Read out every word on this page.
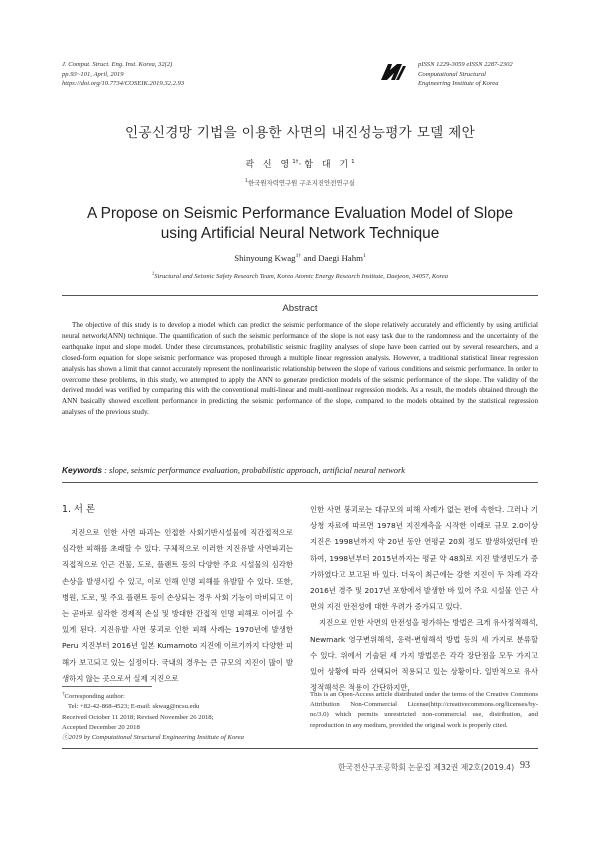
J. Comput. Struct. Eng. Inst. Korea, 32(2)
pp.93~101, April, 2019
https://doi.org/10.7734/COSEIK.2019.32.2.93
pISSN 1229-3059 eISSN 2287-2302
Computational Structural
Engineering Institute of Korea
인공신경망 기법을 이용한 사면의 내진성능평가 모델 제안
곽 신 영$^{1\dagger}$·함 대 기$^1$
$^1$한국원자력연구원 구조지진안전연구실
A Propose on Seismic Performance Evaluation Model of Slope
using Artificial Neural Network Technique
Shinyoung Kwag$^{1\dagger}$ and Daegi Hahm$^1$
$^1$Structural and Seismic Safety Research Team, Korea Atomic Energy Research Institute, Daejeon, 34057, Korea
Abstract
The objective of this study is to develop a model which can predict the seismic performance of the slope relatively accurately and efficiently by using artificial neural network(ANN) technique. The quantification of such the seismic performance of the slope is not easy task due to the randomness and the uncertainty of the earthquake input and slope model. Under these circumstances, probabilistic seismic fragility analyses of slope have been carried out by several researchers, and a closed-form equation for slope seismic performance was proposed through a multiple linear regression analysis. However, a traditional statistical linear regression analysis has shown a limit that cannot accurately represent the nonlinearistic relationship between the slope of various conditions and seismic performance. In order to overcome these problems, in this study, we attempted to apply the ANN to generate prediction models of the seismic performance of the slope. The validity of the derived model was verified by comparing this with the conventional multi-linear and multi-nonlinear regression models. As a result, the models obtained through the ANN basically showed excellent performance in predicting the seismic performance of the slope, compared to the models obtained by the statistical regression analyses of the previous study.
Keywords : slope, seismic performance evaluation, probabilistic approach, artificial neural network
1. 서 론

지진으로 인한 사면 파괴는 인접한 사회기반시설물에 직간접적으로 심각한 피해를 초래할 수 있다. 구체적으로 이러한 지진유발 사면파괴는 직접적으로 인근 건물, 도로, 플랜트 등의 다양한 주요 시설물의 심각한 손상을 발생시킬 수 있고, 이로 인해 인명 피해를 유발할 수 있다. 또한, 병원, 도로, 및 주요 플랜트 등이 손상되는 경우 사회 기능이 마비되고 이는 곧바로 심각한 경제적 손실 및 방대한 간접적 인명 피해로 이어질 수 있게 된다. 지진유발 사면 붕괴로 인한 피해 사례는 1970년에 발생한 Peru 지진부터 2016년 일본 Kumamoto 지진에 이르기까지 다양한 피해가 보고되고 있는 실정이다. 국내의 경우는 큰 규모의 지진이 많이 발생하지 않는 곳으로서 실제 지진으로

인한 사면 붕괴로는 대규모의 피해 사례가 없는 편에 속한다. 그러나 기상청 자료에 따르면 1978년 지진계측을 시작한 이래로 규모 2.0이상 지진은 1998년까지 약 20년 동안 연평균 20회 정도 발생하였던데 반하여, 1998년부터 2015년까지는 평균 약 48회로 지진 발생빈도가 증가하였다고 보고된 바 있다. 더욱이 최근에는 강한 지진이 두 차례 각각 2016년 경주 및 2017년 포항에서 발생한 바 있어 주요 시설물 인근 사면의 지진 안전성에 대한 우려가 증가되고 있다.

지진으로 인한 사면의 안전성을 평가하는 방법은 크게 유사정적해석, Newmark 영구변위해석, 응력-변형해석 방법 등의 세 가지로 분류할 수 있다. 위에서 기술된 세 가지 방법론은 각각 장단점을 모두 가지고 있어 상황에 따라 선택되어 적용되고 있는 상황이다. 일반적으로 유사정적해석은 적용이 간단하지만,

†Corresponding author:
Tel: +82-42-868-4523; E-mail: skwag@ncsu.edu
Received October 11 2018; Revised November 26 2018;
Accepted December 20 2018
ⓒ2019 by Computational Structural Engineering Institute of Korea
This is an Open-Access article distributed under the terms of the Creative Commons Attribution Non-Commercial License(http://creativecommons.org/licenses/by-nc/3.0) which permits unrestricted non-commercial use, distribution, and reproduction in any medium, provided the original work is properly cited.
한국전산구조공학회 논문집 제32권 제2호(2019.4) 93
